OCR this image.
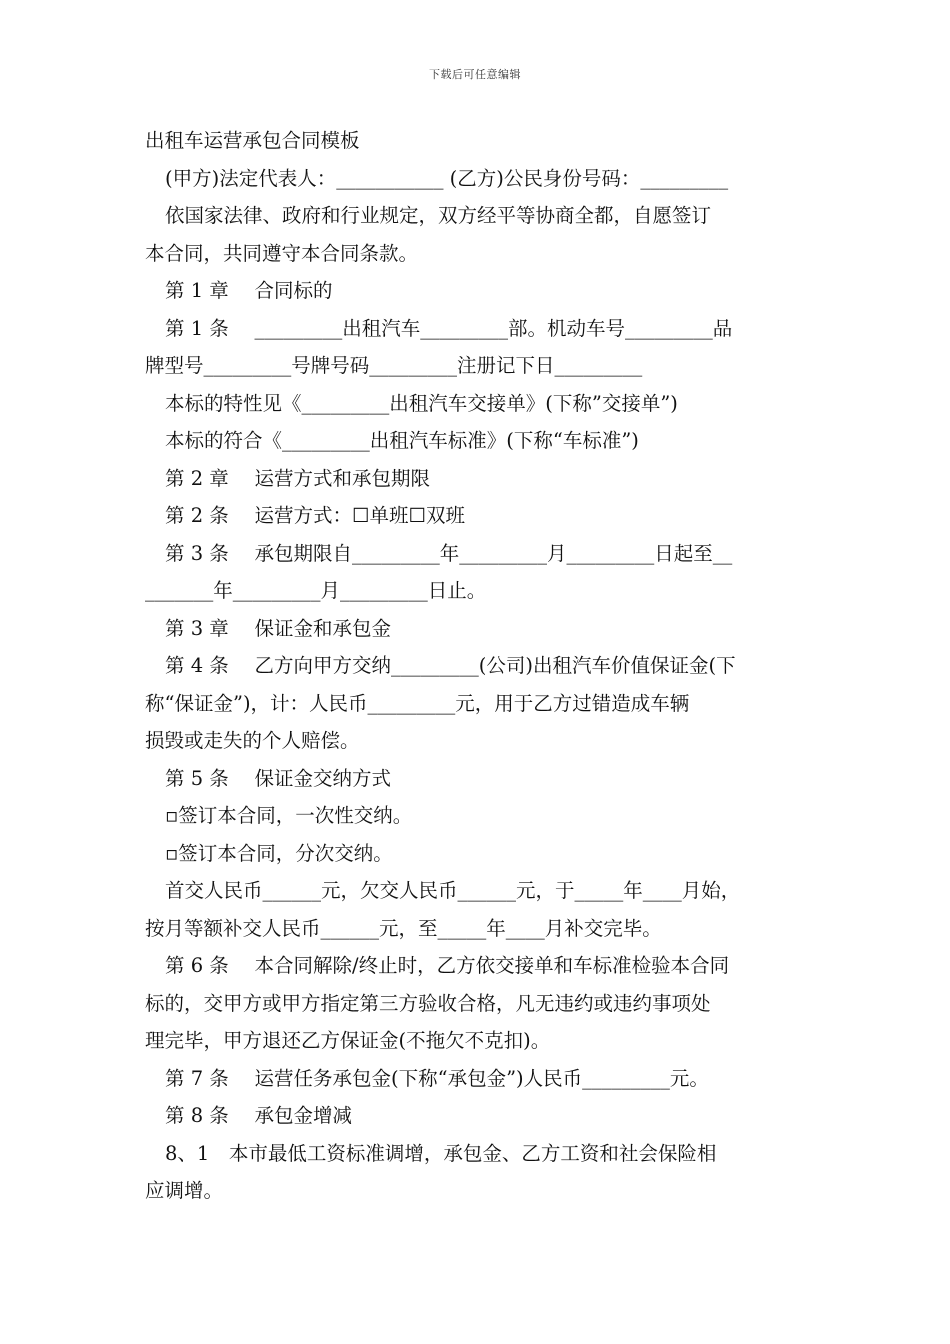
下载后可任意编辑
出租车运营承包合同模板
(甲方)法定代表人：___________ (乙方)公民身份号码：_________
依国家法律、政府和行业规定，双方经平等协商全都，自愿签订
本合同，共同遵守本合同条款。
第 1 章　 合同标的
第 1 条　 _________出租汽车_________部。机动车号_________品
牌型号_________号牌号码_________注册记下日_________
本标的特性见《_________出租汽车交接单》(下称”交接单”)
本标的符合《_________出租汽车标准》(下称“车标准”)
第 2 章　 运营方式和承包期限
第 2 条　 运营方式：☐单班☐双班
第 3 条　 承包期限自_________年_________月_________日起至__
_______年_________月_________日止。
第 3 章　 保证金和承包金
第 4 条　 乙方向甲方交纳_________(公司)出租汽车价值保证金(下
称“保证金”)，计：人民币_________元，用于乙方过错造成车辆
损毁或走失的个人赔偿。
第 5 条　 保证金交纳方式
▫签订本合同，一次性交纳。
▫签订本合同，分次交纳。
首交人民币______元，欠交人民币______元，于_____年____月始，
按月等额补交人民币______元，至_____年____月补交完毕。
第 6 条　 本合同解除/终止时，乙方依交接单和车标准检验本合同
标的，交甲方或甲方指定第三方验收合格，凡无违约或违约事项处
理完毕，甲方退还乙方保证金(不拖欠不克扣)。
第 7 条　 运营任务承包金(下称“承包金”)人民币_________元。
第 8 条　 承包金增减
8、1　本市最低工资标准调增，承包金、乙方工资和社会保险相
应调增。
